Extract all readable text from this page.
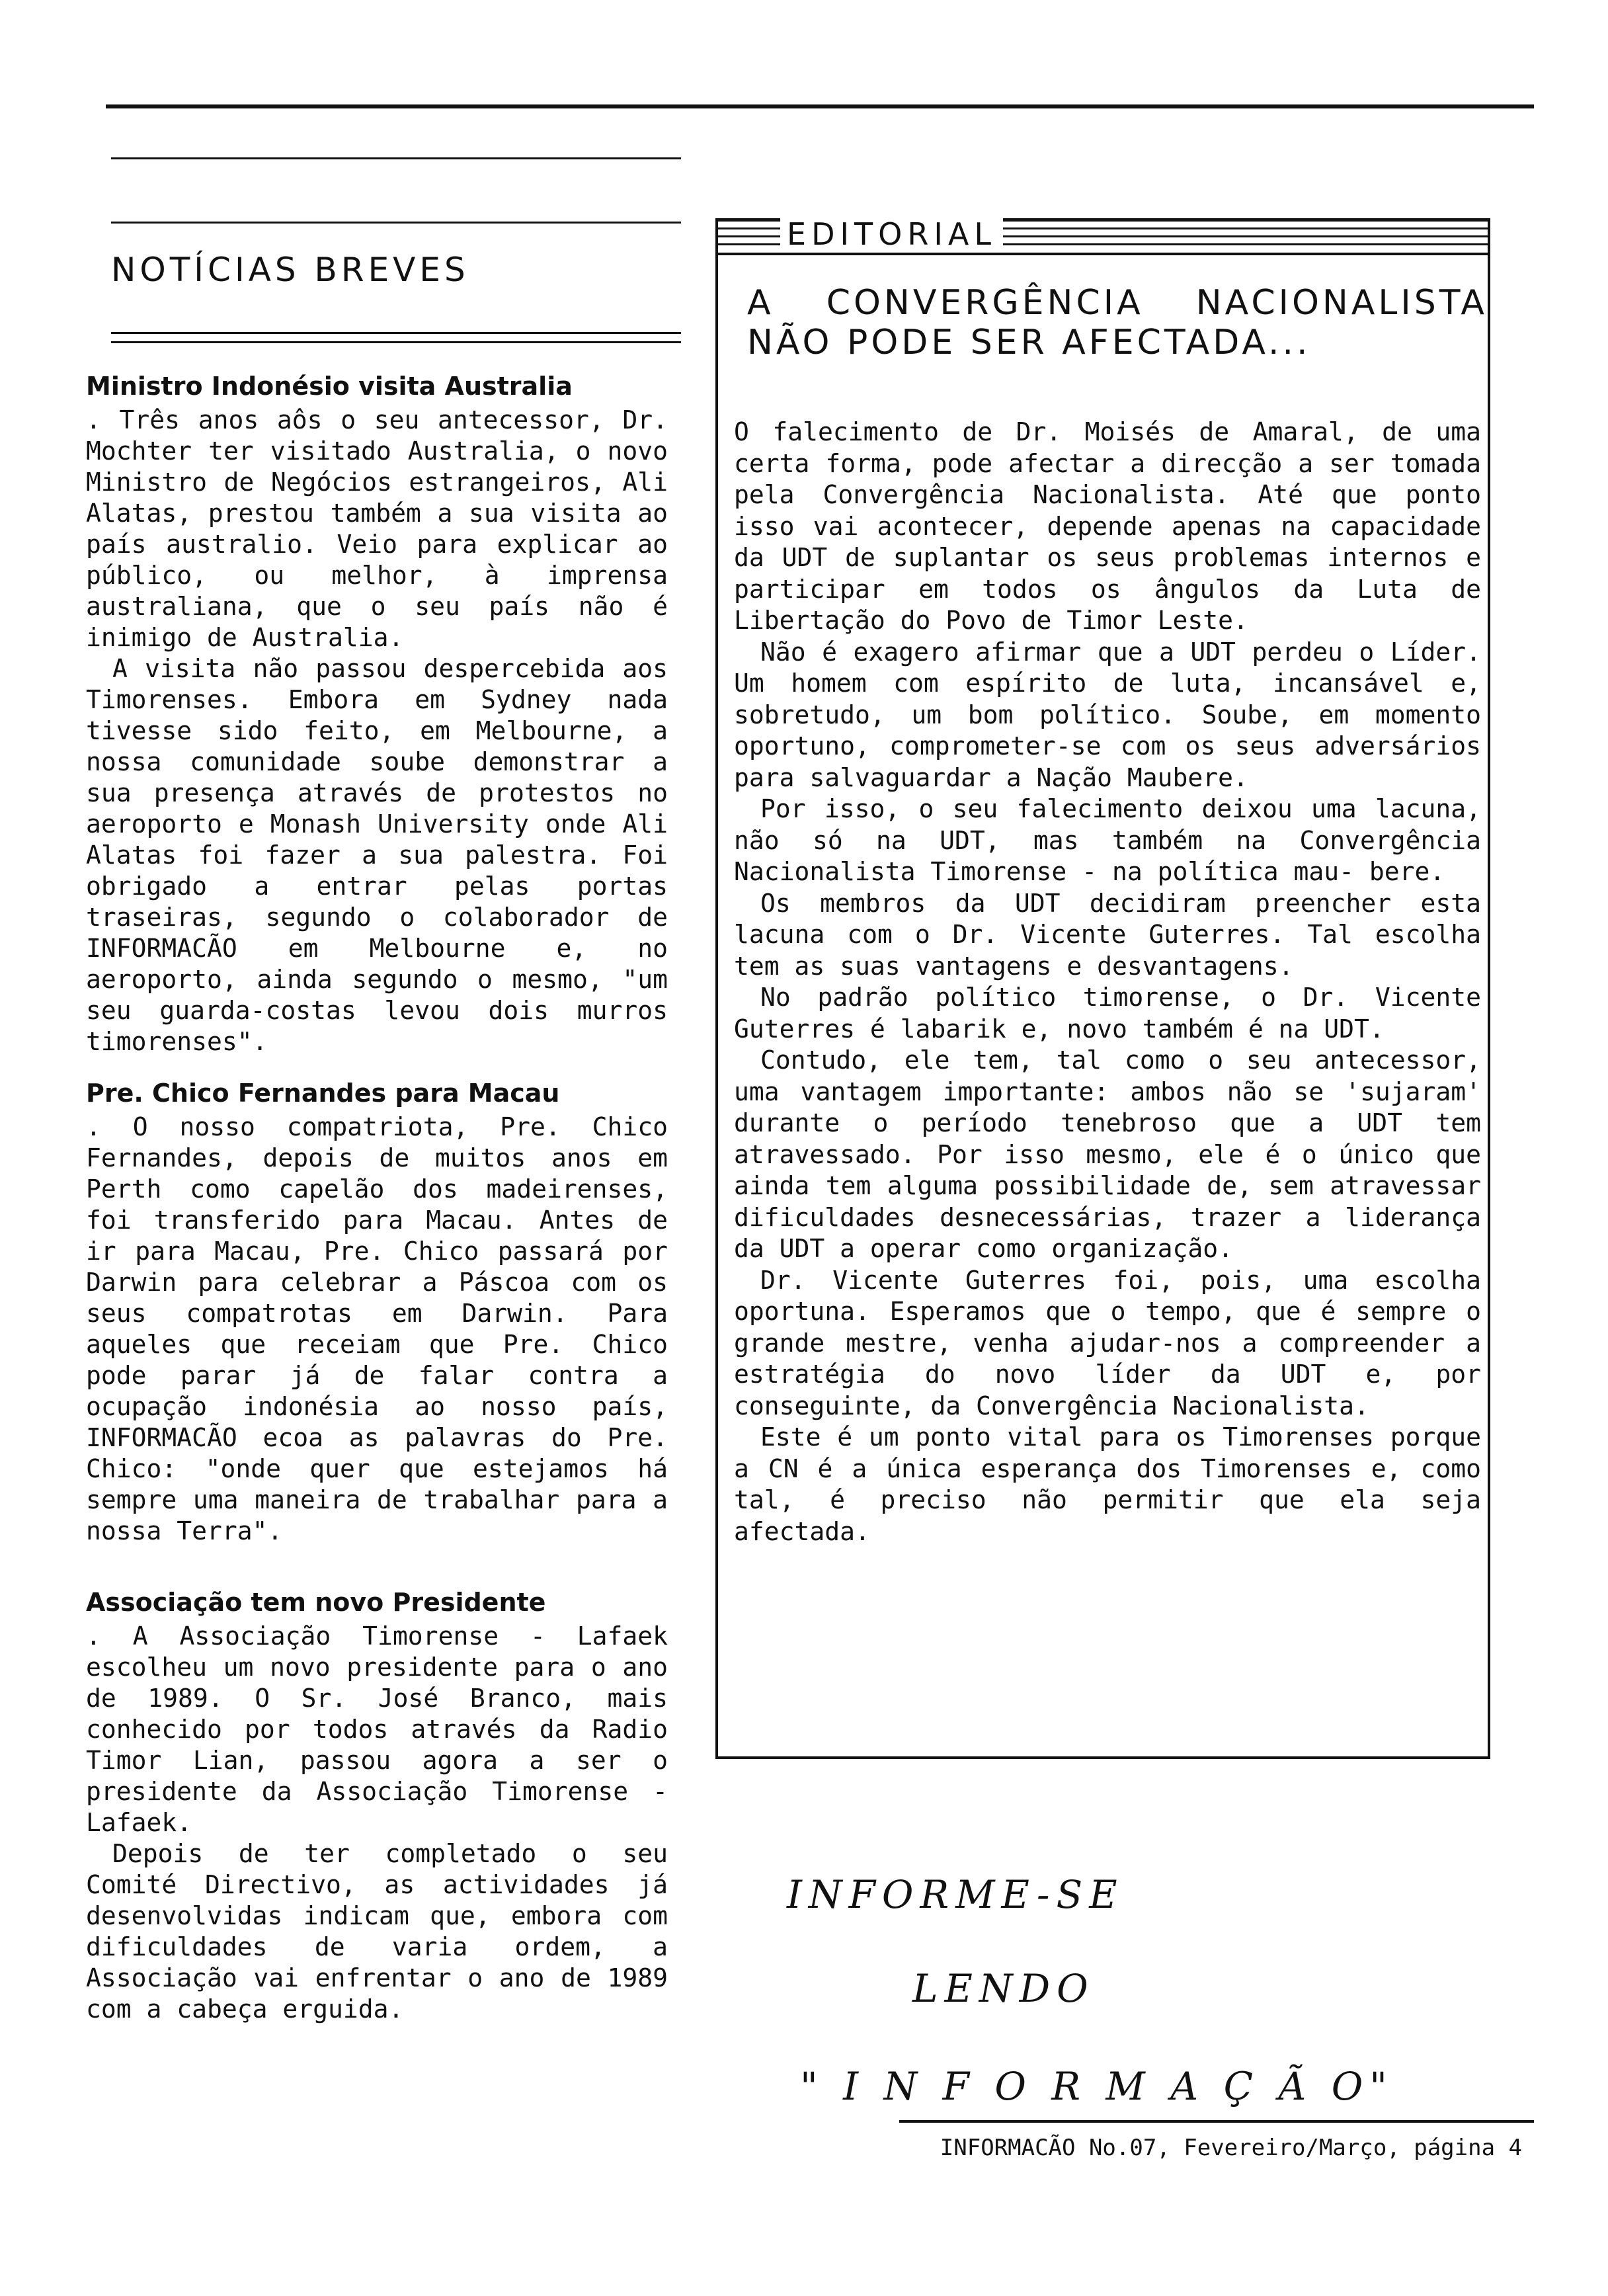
NOTÍCIAS BREVES
Ministro Indonésio visita Australia

. Três anos aôs o seu antecessor, Dr. Mochter ter visitado Australia, o novo Ministro de Negócios estrangeiros, Ali Alatas, prestou também a sua visita ao país australio. Veio para explicar ao público, ou melhor, à imprensa australiana, que o seu país não é inimigo de Australia.

A visita não passou despercebida aos Timorenses. Embora em Sydney nada tivesse sido feito, em Melbourne, a nossa comunidade soube demonstrar a sua presença através de protestos no aeroporto e Monash University onde Ali Alatas foi fazer a sua palestra. Foi obrigado a entrar pelas portas traseiras, segundo o colaborador de INFORMACÃO em Melbourne e, no aeroporto, ainda segundo o mesmo, "um seu guarda-costas levou dois murros timorenses".

Pre. Chico Fernandes para Macau

. O nosso compatriota, Pre. Chico Fernandes, depois de muitos anos em Perth como capelão dos madeirenses, foi transferido para Macau. Antes de ir para Macau, Pre. Chico passará por Darwin para celebrar a Páscoa com os seus compatrotas em Darwin. Para aqueles que receiam que Pre. Chico pode parar já de falar contra a ocupação indonésia ao nosso país, INFORMACÃO ecoa as palavras do Pre. Chico: "onde quer que estejamos há sempre uma maneira de trabalhar para a nossa Terra".

Associação tem novo Presidente

. A Associação Timorense - Lafaek escolheu um novo presidente para o ano de 1989. O Sr. José Branco, mais conhecido por todos através da Radio Timor Lian, passou agora a ser o presidente da Associação Timorense -Lafaek.

Depois de ter completado o seu Comité Directivo, as actividades já desenvolvidas indicam que, embora com dificuldades de varia ordem, a Associação vai enfrentar o ano de 1989 com a cabeça erguida.

EDITORIAL
A CONVERGÊNCIA NACIONALISTA NÃO PODE SER AFECTADA...

O falecimento de Dr. Moisés de Amaral, de uma certa forma, pode afectar a direcção a ser tomada pela Convergência Nacionalista. Até que ponto isso vai acontecer, depende apenas na capacidade da UDT de suplantar os seus problemas internos e participar em todos os ângulos da Luta de Libertação do Povo de Timor Leste.

Não é exagero afirmar que a UDT perdeu o Líder. Um homem com espírito de luta, incansável e, sobretudo, um bom político. Soube, em momento oportuno, comprometer-se com os seus adversários para salvaguardar a Nação Maubere.

Por isso, o seu falecimento deixou uma lacuna, não só na UDT, mas também na Convergência Nacionalista Timorense - na política mau- bere.

Os membros da UDT decidiram preencher esta lacuna com o Dr. Vicente Guterres. Tal escolha tem as suas vantagens e desvantagens.

No padrão político timorense, o Dr. Vicente Guterres é labarik e, novo também é na UDT.

Contudo, ele tem, tal como o seu antecessor, uma vantagem importante: ambos não se 'sujaram' durante o período tenebroso que a UDT tem atravessado. Por isso mesmo, ele é o único que ainda tem alguma possibilidade de, sem atravessar dificuldades desnecessárias, trazer a liderança da UDT a operar como organização.

Dr. Vicente Guterres foi, pois, uma escolha oportuna. Esperamos que o tempo, que é sempre o grande mestre, venha ajudar-nos a compreender a estratégia do novo líder da UDT e, por conseguinte, da Convergência Nacionalista.

Este é um ponto vital para os Timorenses porque a CN é a única esperança dos Timorenses e, como tal, é preciso não permitir que ela seja afectada.

INFORME-SE
LENDO
" I N F O R M A Ç Ã O"
INFORMACÃO No.07, Fevereiro/Março, página 4
